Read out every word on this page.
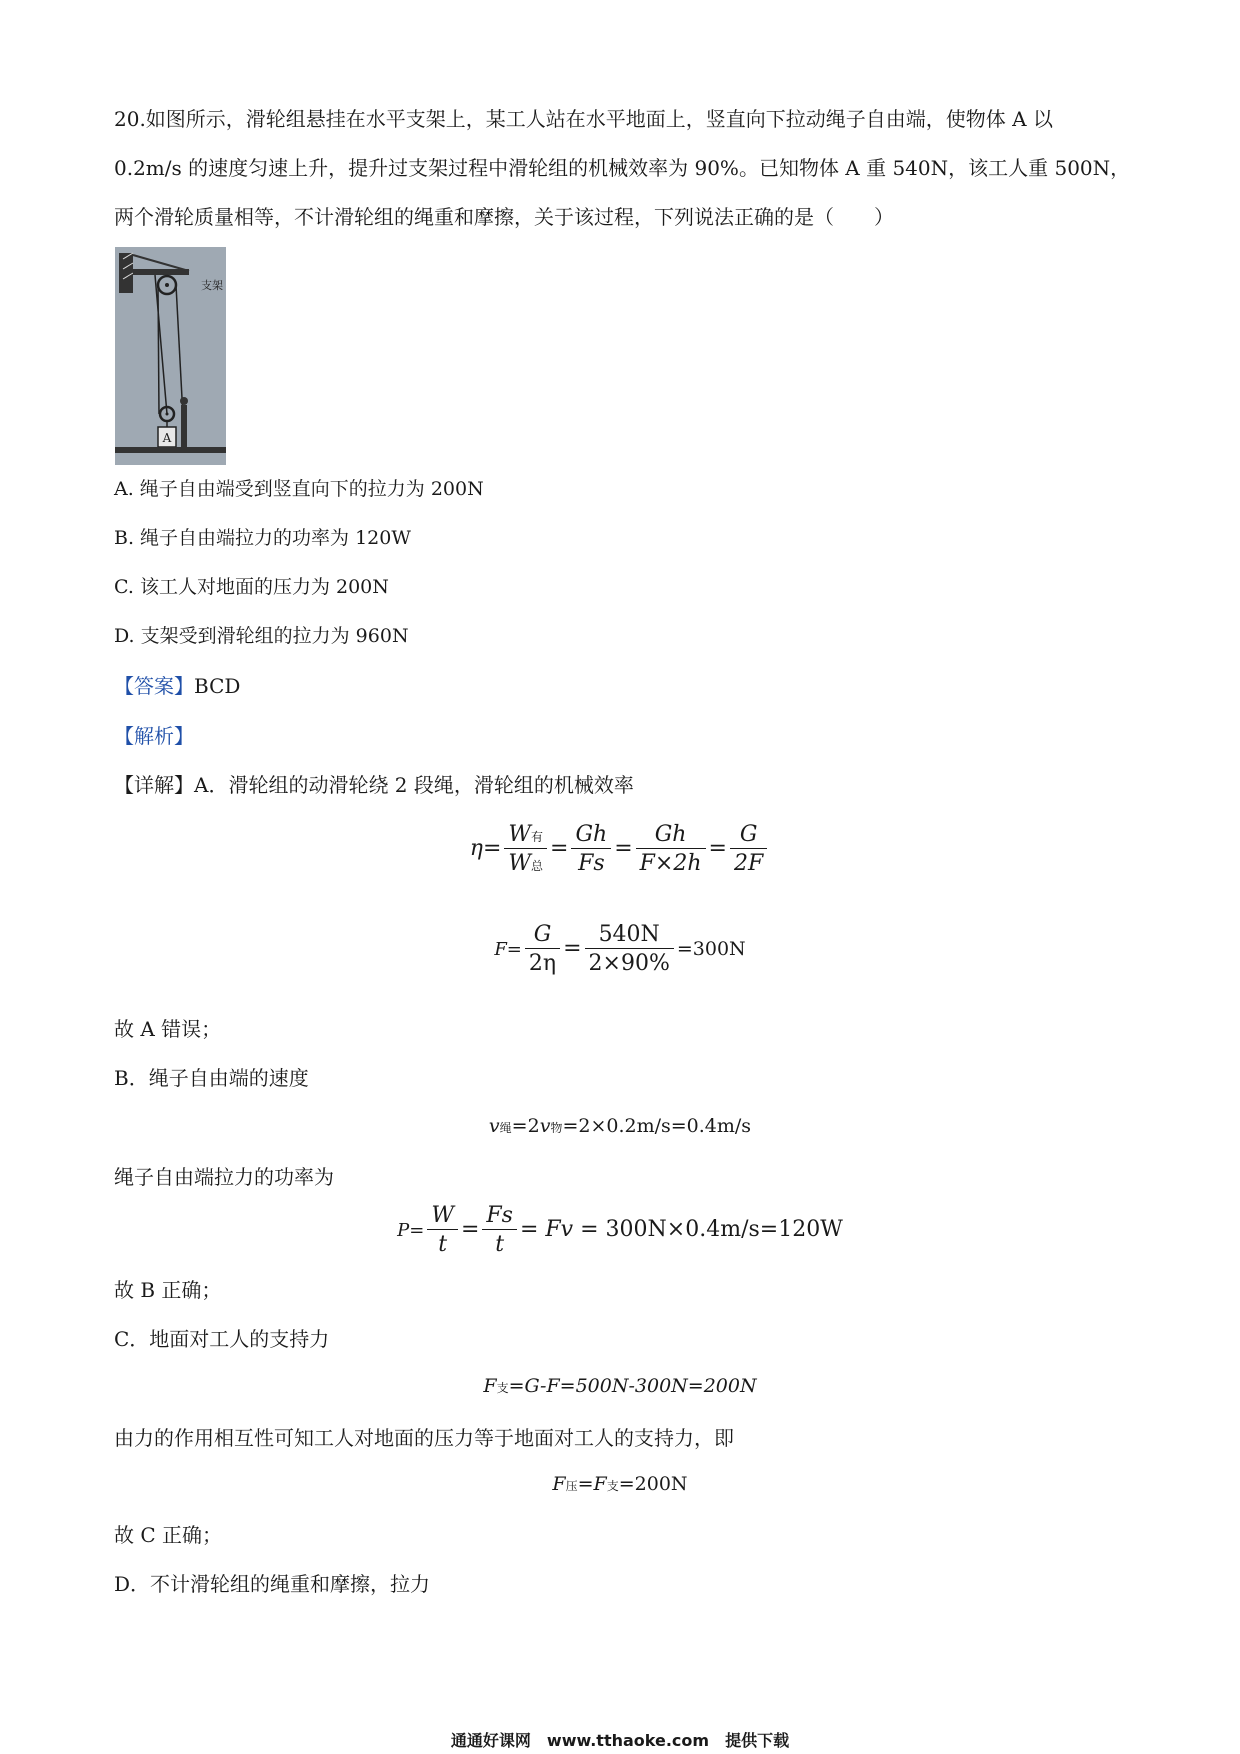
20.如图所示，滑轮组悬挂在水平支架上，某工人站在水平地面上，竖直向下拉动绳子自由端，使物体 A 以
0.2m/s 的速度匀速上升，提升过支架过程中滑轮组的机械效率为 90%。已知物体 A 重 540N，该工人重 500N，
两个滑轮质量相等，不计滑轮组的绳重和摩擦，关于该过程，下列说法正确的是（　　）
A
支架
A. 绳子自由端受到竖直向下的拉力为 200N
B. 绳子自由端拉力的功率为 120W
C. 该工人对地面的压力为 200N
D. 支架受到滑轮组的拉力为 960N
【答案】BCD
【解析】
【详解】A．滑轮组的动滑轮绕 2 段绳，滑轮组的机械效率
$\eta= \frac{\text{W有}}{\text{W总}} = \frac{Gh}{Fs} = \frac{Gh}{F\times 2h} = \frac{G}{2F}$
$F= \frac{G}{2\eta} = \frac{540N}{2\times 90\%} =300N$
故 A 错误；
B．绳子自由端的速度
v绳=2v物=2×0.2m/s=0.4m/s
绳子自由端拉力的功率为
$P= \frac{W}{t} = \frac{Fs}{t} = Fv = 300N\times 0.4m/s=120W$
故 B 正确；
C．地面对工人的支持力
F支=G-F=500N-300N=200N
由力的作用相互性可知工人对地面的压力等于地面对工人的支持力，即
F压=F支=200N
故 C 正确；
D．不计滑轮组的绳重和摩擦，拉力
通通好课网　www.tthaoke.com　提供下载
